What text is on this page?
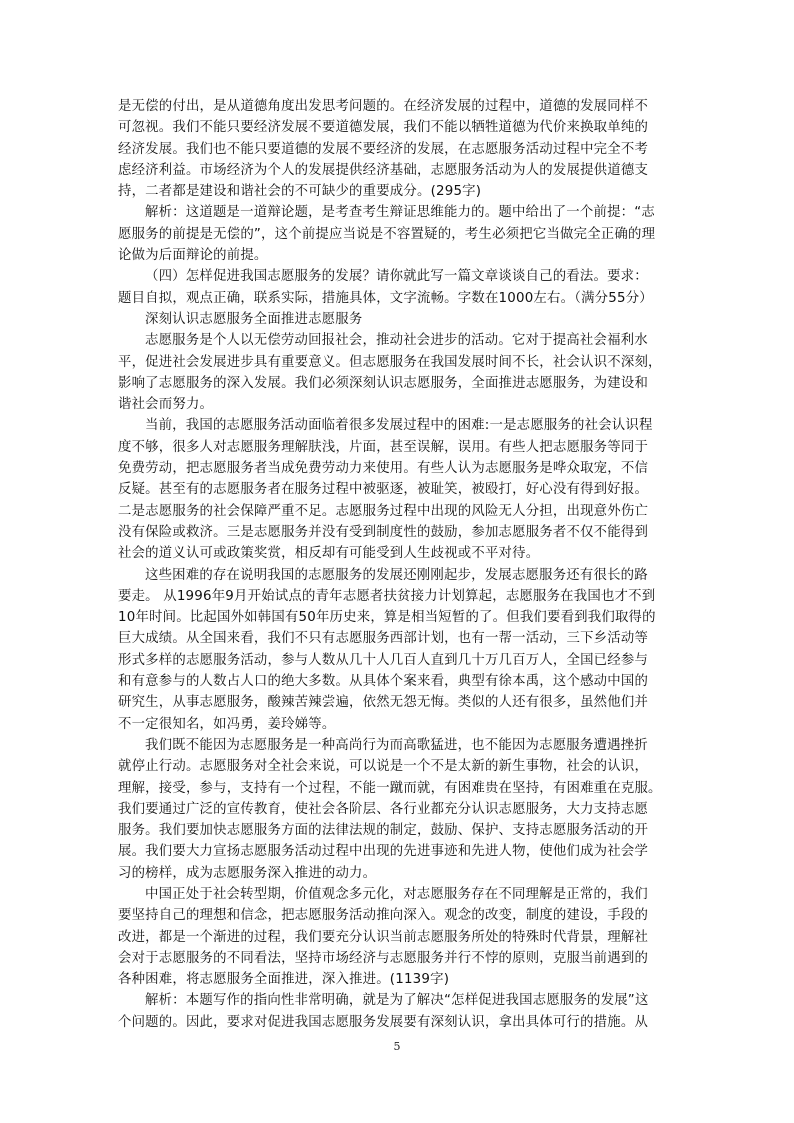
是无偿的付出，是从道德角度出发思考问题的。在经济发展的过程中，道德的发展同样不
可忽视。我们不能只要经济发展不要道德发展，我们不能以牺牲道德为代价来换取单纯的
经济发展。我们也不能只要道德的发展不要经济的发展，在志愿服务活动过程中完全不考
虑经济利益。市场经济为个人的发展提供经济基础，志愿服务活动为人的发展提供道德支
持，二者都是建设和谐社会的不可缺少的重要成分。(295字)
解析：这道题是一道辩论题，是考查考生辩证思维能力的。题中给出了一个前提：“志
愿服务的前提是无偿的”，这个前提应当说是不容置疑的，考生必须把它当做完全正确的理
论做为后面辩论的前提。
（四）怎样促进我国志愿服务的发展？请你就此写一篇文章谈谈自己的看法。要求：
题目自拟，观点正确，联系实际，措施具体，文字流畅。字数在1000左右。（满分55分）
深刻认识志愿服务全面推进志愿服务
志愿服务是个人以无偿劳动回报社会，推动社会进步的活动。它对于提高社会福利水
平，促进社会发展进步具有重要意义。但志愿服务在我国发展时间不长，社会认识不深刻，
影响了志愿服务的深入发展。我们必须深刻认识志愿服务，全面推进志愿服务，为建设和
谐社会而努力。
当前，我国的志愿服务活动面临着很多发展过程中的困难:一是志愿服务的社会认识程
度不够，很多人对志愿服务理解肤浅，片面，甚至误解，误用。有些人把志愿服务等同于
免费劳动，把志愿服务者当成免费劳动力来使用。有些人认为志愿服务是哗众取宠，不信
反疑。甚至有的志愿服务者在服务过程中被驱逐，被耻笑，被殴打，好心没有得到好报。
二是志愿服务的社会保障严重不足。志愿服务过程中出现的风险无人分担，出现意外伤亡
没有保险或救济。三是志愿服务并没有受到制度性的鼓励，参加志愿服务者不仅不能得到
社会的道义认可或政策奖赏，相反却有可能受到人生歧视或不平对待。
这些困难的存在说明我国的志愿服务的发展还刚刚起步，发展志愿服务还有很长的路
要走。 从1996年9月开始试点的青年志愿者扶贫接力计划算起，志愿服务在我国也才不到
10年时间。比起国外如韩国有50年历史来，算是相当短暂的了。但我们要看到我们取得的
巨大成绩。从全国来看，我们不只有志愿服务西部计划，也有一帮一活动，三下乡活动等
形式多样的志愿服务活动，参与人数从几十人几百人直到几十万几百万人，全国已经参与
和有意参与的人数占人口的绝大多数。从具体个案来看，典型有徐本禹，这个感动中国的
研究生，从事志愿服务，酸辣苦辣尝遍，依然无怨无悔。类似的人还有很多，虽然他们并
不一定很知名，如冯勇，姜玲娣等。
我们既不能因为志愿服务是一种高尚行为而高歌猛进，也不能因为志愿服务遭遇挫折
就停止行动。志愿服务对全社会来说，可以说是一个不是太新的新生事物，社会的认识，
理解，接受，参与，支持有一个过程，不能一蹴而就，有困难贵在坚持，有困难重在克服。
我们要通过广泛的宣传教育，使社会各阶层、各行业都充分认识志愿服务，大力支持志愿
服务。我们要加快志愿服务方面的法律法规的制定，鼓励、保护、支持志愿服务活动的开
展。我们要大力宣扬志愿服务活动过程中出现的先进事迹和先进人物，使他们成为社会学
习的榜样，成为志愿服务深入推进的动力。
中国正处于社会转型期，价值观念多元化，对志愿服务存在不同理解是正常的，我们
要坚持自己的理想和信念，把志愿服务活动推向深入。观念的改变，制度的建设，手段的
改进，都是一个渐进的过程，我们要充分认识当前志愿服务所处的特殊时代背景，理解社
会对于志愿服务的不同看法，坚持市场经济与志愿服务并行不悖的原则，克服当前遇到的
各种困难，将志愿服务全面推进，深入推进。(1139字)
解析：本题写作的指向性非常明确，就是为了解决“怎样促进我国志愿服务的发展”这
个问题的。因此，要求对促进我国志愿服务发展要有深刻认识，拿出具体可行的措施。从
5
